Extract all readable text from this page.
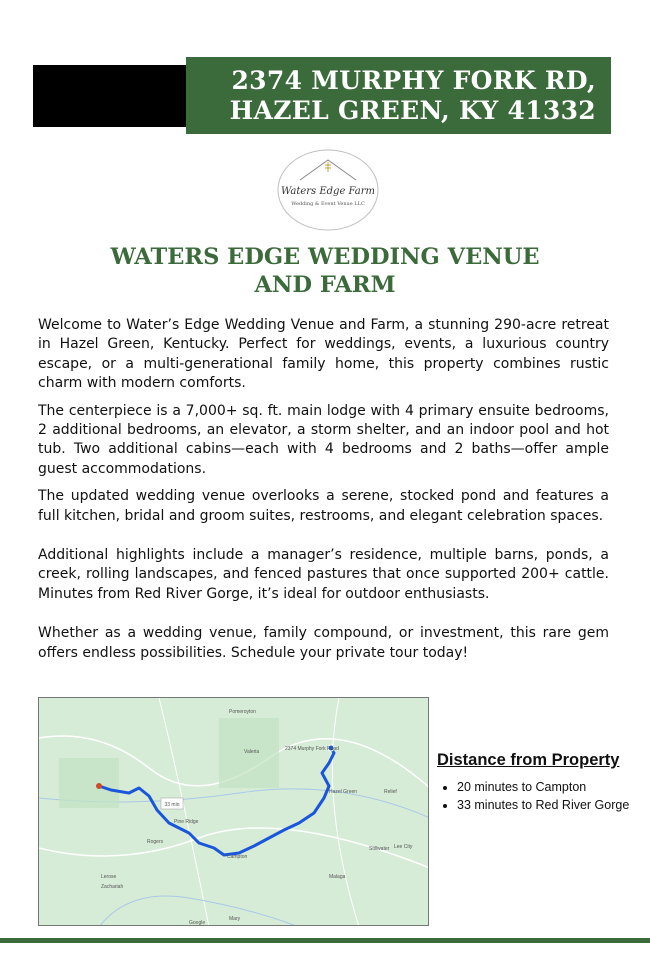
2374 MURPHY FORK RD,
HAZEL GREEN, KY 41332
Waters Edge Farm
Wedding & Event Venue LLC
WATERS EDGE WEDDING VENUE
AND FARM

Welcome to Water’s Edge Wedding Venue and Farm, a stunning 290-acre retreat in Hazel Green, Kentucky. Perfect for weddings, events, a luxurious country escape, or a multi-generational family home, this property combines rustic charm with modern comforts.

The centerpiece is a 7,000+ sq. ft. main lodge with 4 primary ensuite bedrooms, 2 additional bedrooms, an elevator, a storm shelter, and an indoor pool and hot tub. Two additional cabins—each with 4 bedrooms and 2 baths—offer ample guest accommodations.

The updated wedding venue overlooks a serene, stocked pond and features a full kitchen, bridal and groom suites, restrooms, and elegant celebration spaces.

Additional highlights include a manager’s residence, multiple barns, ponds, a creek, rolling landscapes, and fenced pastures that once supported 200+ cattle. Minutes from Red River Gorge, it’s ideal for outdoor enthusiasts.

Whether as a wedding venue, family compound, or investment, this rare gem offers endless possibilities. Schedule your private tour today!

33 min
2374 Murphy Fork Road
Pomeroyton
Valeria
Pine Ridge
Campton
Hazel Green
Stillwater Lee City
Zachariah
Lerose
Mary
Malaga
Rogers
Relief
Google
Distance from Property
• 20 minutes to Campton
• 33 minutes to Red River Gorge
